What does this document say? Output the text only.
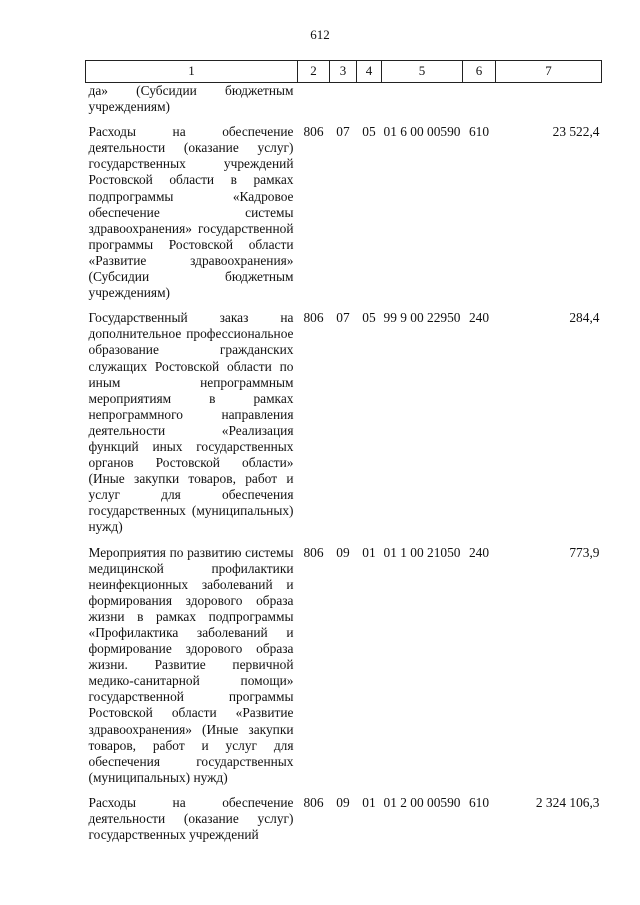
612
1	2	3	4	5	6	7
да» (Субсидии бюджетным учреждениям)						
Расходы на обеспечение деятельности (оказание услуг) государственных учреждений Ростовской области в рамках подпрограммы «Кадровое обеспечение системы здравоохранения» государственной программы Ростовской области «Развитие здравоохранения» (Субсидии бюджетным учреждениям)	806	07	05	01 6 00 00590	610	23 522,4
Государственный заказ на дополнительное профессиональное образование гражданских служащих Ростовской области по иным непрограммным мероприятиям в рамках непрограммного направления деятельности «Реализация функций иных государственных органов Ростовской области» (Иные закупки товаров, работ и услуг для обеспечения государственных (муниципальных) нужд)	806	07	05	99 9 00 22950	240	284,4
Мероприятия по развитию системы медицинской профилактики неинфекционных заболеваний и формирования здорового образа жизни в рамках подпрограммы «Профилактика заболеваний и формирование здорового образа жизни. Развитие первичной медико-санитарной помощи» государственной программы Ростовской области «Развитие здравоохранения» (Иные закупки товаров, работ и услуг для обеспечения государственных (муниципальных) нужд)	806	09	01	01 1 00 21050	240	773,9
Расходы на обеспечение деятельности (оказание услуг) государственных учреждений	806	09	01	01 2 00 00590	610	2 324 106,3
